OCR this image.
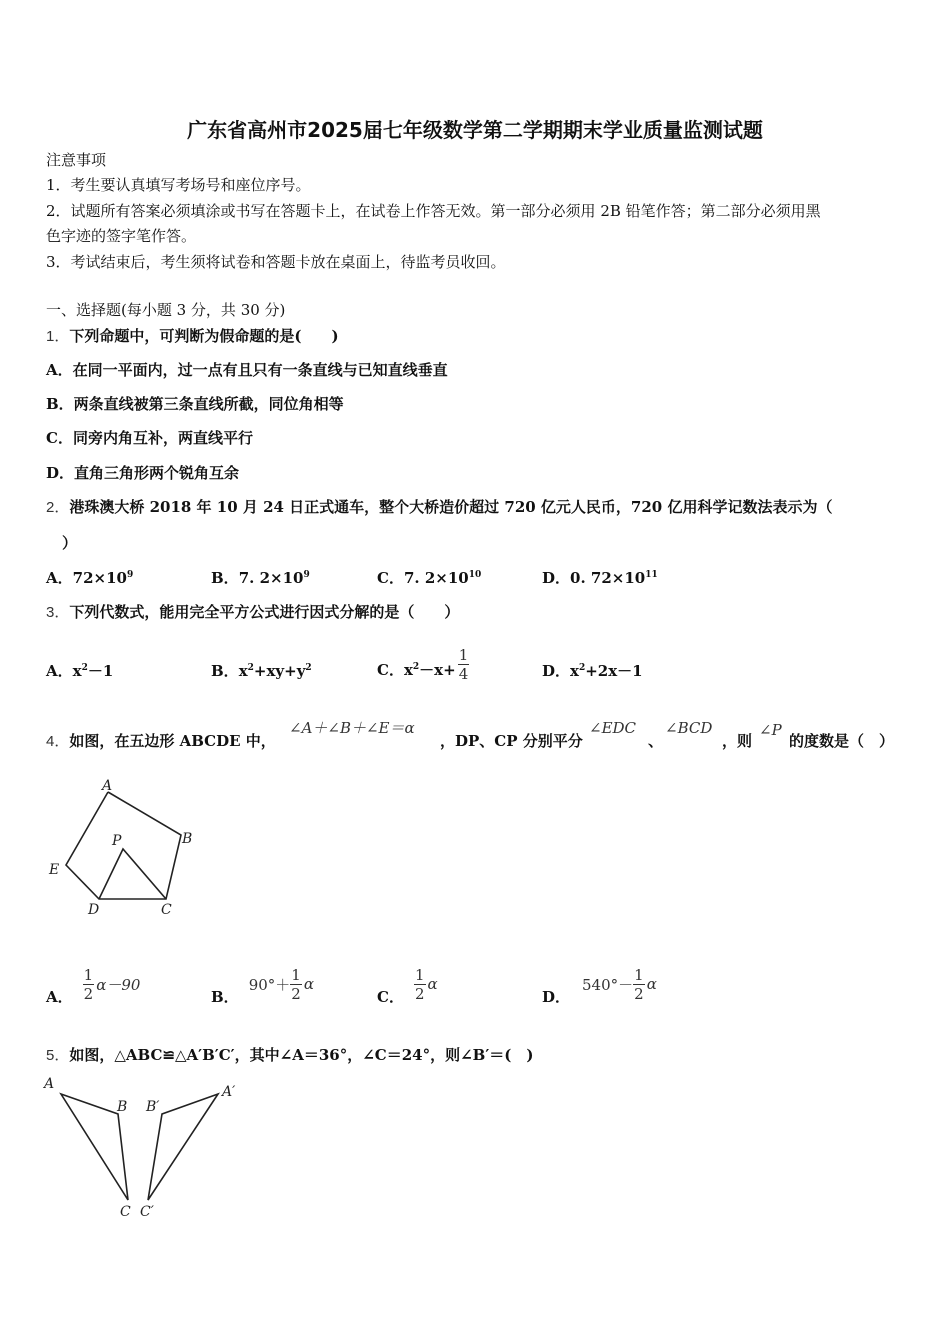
广东省高州市2025届七年级数学第二学期期末学业质量监测试题
注意事项
1．考生要认真填写考场号和座位序号。
2．试题所有答案必须填涂或书写在答题卡上，在试卷上作答无效。第一部分必须用 2B 铅笔作答；第二部分必须用黑
色字迹的签字笔作答。
3．考试结束后，考生须将试卷和答题卡放在桌面上，待监考员收回。
一、选择题(每小题 3 分，共 30 分)
1．下列命题中，可判断为假命题的是(　　)
A．在同一平面内，过一点有且只有一条直线与已知直线垂直
B．两条直线被第三条直线所截，同位角相等
C．同旁内角互补，两直线平行
D．直角三角形两个锐角互余
2．港珠澳大桥 2018 年 10 月 24 日正式通车，整个大桥造价超过 720 亿元人民币，720 亿用科学记数法表示为（
）
A．$72\times 10^9$	B．7. $2\times 10^9$	C．7. $2\times 10^{10}$	D．0. $72\times 10^{11}$
3．下列代数式，能用完全平方公式进行因式分解的是（　　）
A．$x^2-1$	B．$x^2+xy+y^2$	C．$x^2-x+ \frac{1}{4}$	D．$x^2+2x-1$
4．如图，在五边形 ABCDE 中，
∠A＋∠B＋∠E＝α
，DP、CP 分别平分
∠EDC
、
∠BCD
，则
∠P
的度数是（　）
A
B
C
D
E
P
A． $\frac{1}{2} \alpha-90$
B．
$90^\circ+ \frac{1}{2}$ α
C． $\frac{1}{2}$ α
D．
$540^\circ- \frac{1}{2}$ α
5．如图，△ABC≌△A′B′C′，其中∠A＝36°，∠C＝24°，则∠B′＝(　)
A
B
C
A′
B′
C′
